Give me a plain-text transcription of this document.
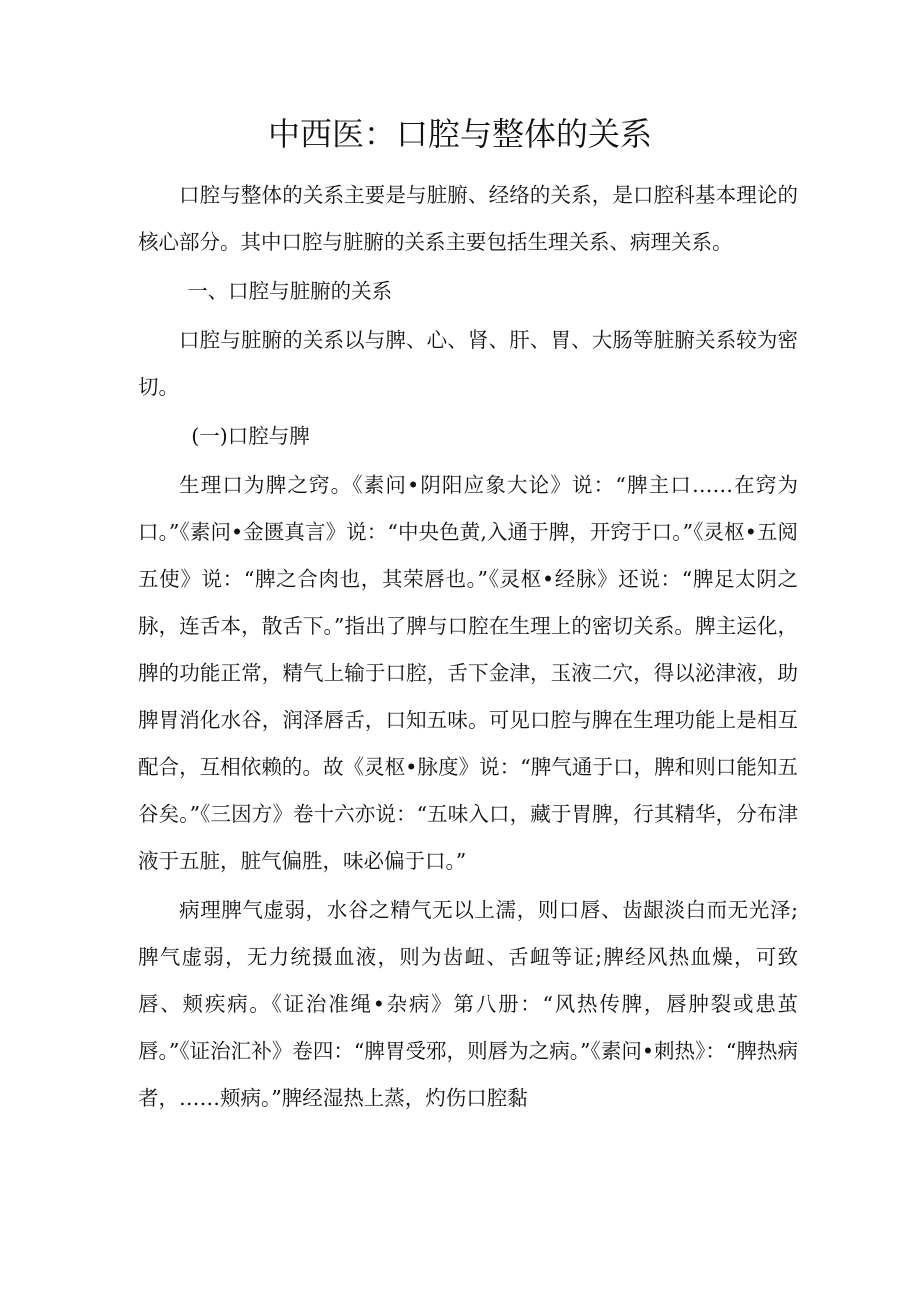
中西医：口腔与整体的关系

口腔与整体的关系主要是与脏腑、经络的关系，是口腔科基本理论的核心部分。其中口腔与脏腑的关系主要包括生理关系、病理关系。

一、口腔与脏腑的关系

口腔与脏腑的关系以与脾、心、肾、肝、胃、大肠等脏腑关系较为密切。

(一)口腔与脾

生理口为脾之窍。《素问•阴阳应象大论》说：“脾主口……在窍为口。”《素问•金匮真言》说：“中央色黄,入通于脾，开窍于口。”《灵枢•五阅五使》说：“脾之合肉也，其荣唇也。”《灵枢•经脉》还说：“脾足太阴之脉，连舌本，散舌下。”指出了脾与口腔在生理上的密切关系。脾主运化，脾的功能正常，精气上输于口腔，舌下金津，玉液二穴，得以泌津液，助脾胃消化水谷，润泽唇舌，口知五味。可见口腔与脾在生理功能上是相互配合，互相依赖的。故《灵枢•脉度》说：“脾气通于口，脾和则口能知五谷矣。”《三因方》卷十六亦说：“五味入口，藏于胃脾，行其精华，分布津液于五脏，脏气偏胜，味必偏于口。”

病理脾气虚弱，水谷之精气无以上濡，则口唇、齿龈淡白而无光泽;脾气虚弱，无力统摄血液，则为齿衄、舌衄等证;脾经风热血燥，可致唇、颊疾病。《证治准绳•杂病》第八册：“风热传脾，唇肿裂或患茧唇。”《证治汇补》卷四：“脾胃受邪，则唇为之病。”《素问•刺热》：“脾热病者，……颊病。”脾经湿热上蒸，灼伤口腔黏
